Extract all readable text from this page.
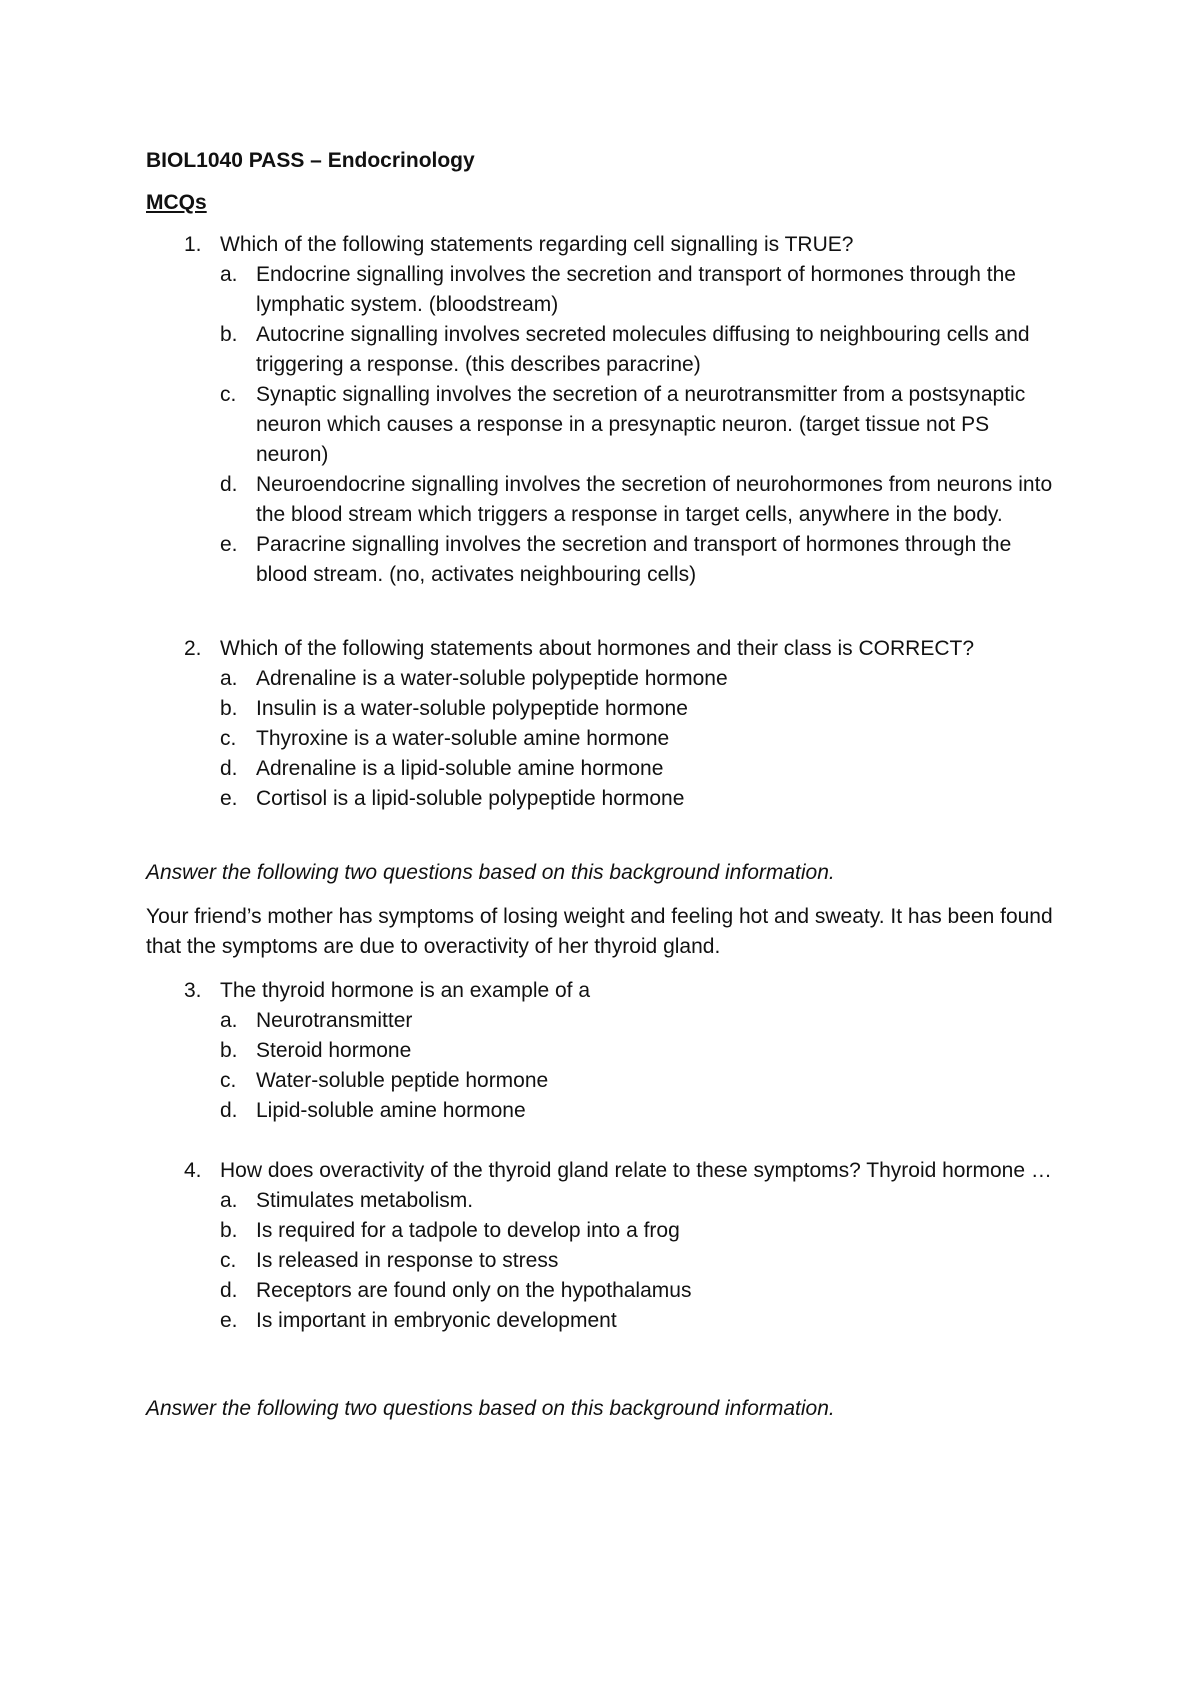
BIOL1040 PASS – Endocrinology

MCQs

1. Which of the following statements regarding cell signalling is TRUE?
a. Endocrine signalling involves the secretion and transport of hormones through the lymphatic system. (bloodstream)
b. Autocrine signalling involves secreted molecules diffusing to neighbouring cells and triggering a response. (this describes paracrine)
c. Synaptic signalling involves the secretion of a neurotransmitter from a postsynaptic neuron which causes a response in a presynaptic neuron. (target tissue not PS neuron)
d. Neuroendocrine signalling involves the secretion of neurohormones from neurons into the blood stream which triggers a response in target cells, anywhere in the body.
e. Paracrine signalling involves the secretion and transport of hormones through the blood stream. (no, activates neighbouring cells)
2. Which of the following statements about hormones and their class is CORRECT?
a. Adrenaline is a water-soluble polypeptide hormone
b. Insulin is a water-soluble polypeptide hormone
c. Thyroxine is a water-soluble amine hormone
d. Adrenaline is a lipid-soluble amine hormone
e. Cortisol is a lipid-soluble polypeptide hormone

Answer the following two questions based on this background information.

Your friend’s mother has symptoms of losing weight and feeling hot and sweaty. It has been found that the symptoms are due to overactivity of her thyroid gland.

3. The thyroid hormone is an example of a
a. Neurotransmitter
b. Steroid hormone
c. Water-soluble peptide hormone
d. Lipid-soluble amine hormone
4. How does overactivity of the thyroid gland relate to these symptoms? Thyroid hormone …
a. Stimulates metabolism.
b. Is required for a tadpole to develop into a frog
c. Is released in response to stress
d. Receptors are found only on the hypothalamus
e. Is important in embryonic development

Answer the following two questions based on this background information.
